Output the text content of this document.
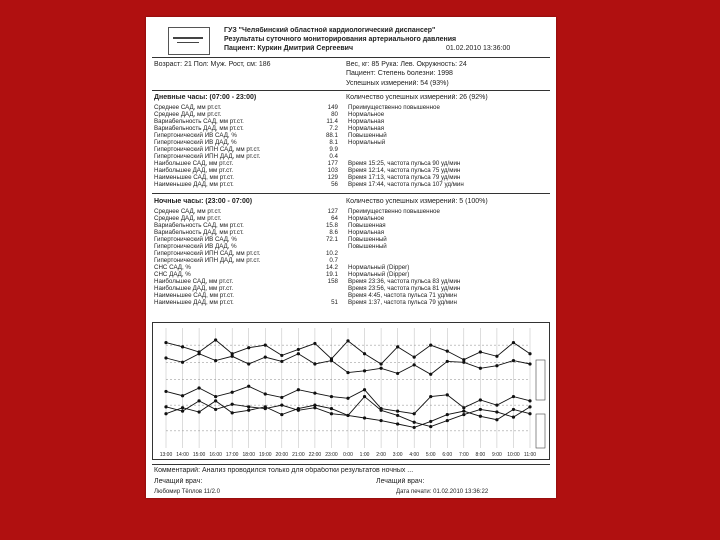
ГУЗ "Челябинский областной кардиологический диспансер"
Результаты суточного мониторирования артериального давления
Пациент: Куркин Дмитрий Сергеевич	01.02.2010 13:36:00
Возраст: 21 Пол: Муж. Рост, см: 186	Вес, кг: 85 Рука: Лев. Окружность: 24
Пациент: Степень болезни: 1998
Успешных измерений: 54 (93%)
Дневные часы: (07:00 - 23:00)	Количество успешных измерений: 26 (92%)
Среднее САД, мм рт.ст.	149 Преимущественно повышенное
Среднее ДАД, мм рт.ст.	80 Нормальное
Вариабельность САД, мм рт.ст.	11.4 Нормальная
Вариабельность ДАД, мм рт.ст.	7.2 Нормальная
Гипертонический ИВ САД, %	88.1 Повышенный
Гипертонический ИВ ДАД, %	8.1 Нормальный
Гипертонический ИПН САД, мм рт.ст.	9.9
Гипертонический ИПН ДАД, мм рт.ст.	0.4
Наибольшее САД, мм рт.ст.	177 Время 15:25, частота пульса 90 уд/мин
Наибольшее ДАД, мм рт.ст.	103 Время 12:14, частота пульса 75 уд/мин
Наименьшее САД, мм рт.ст.	129 Время 17:13, частота пульса 79 уд/мин
Наименьшее ДАД, мм рт.ст.	56 Время 17:44, частота пульса 107 уд/мин
Ночные часы: (23:00 - 07:00)	Количество успешных измерений: 5 (100%)
Среднее САД, мм рт.ст.	127 Преимущественно повышенное
Среднее ДАД, мм рт.ст.	64 Нормальное
Вариабельность САД, мм рт.ст.	15.8 Повышенная
Вариабельность ДАД, мм рт.ст.	8.6 Нормальная
Гипертонический ИВ САД, %	72.1 Повышенный
Гипертонический ИВ ДАД, %	Повышенный
Гипертонический ИПН САД, мм рт.ст.	10.2
Гипертонический ИПН ДАД, мм рт.ст.	0.7
СНС САД, %	14.2 Нормальный (Dipper)
СНС ДАД, %	19.1 Нормальный (Dipper)
Наибольшее САД, мм рт.ст.	158 Время 23:36, частота пульса 83 уд/мин
Наибольшее ДАД, мм рт.ст.	Время 23:56, частота пульса 81 уд/мин
Наименьшее САД, мм рт.ст.	Время 4:45, частота пульса 71 уд/мин
Наименьшее ДАД, мм рт.ст.	51 Время 1:37, частота пульса 79 уд/мин
13:00 14:00 15:00 16:00 17:00 18:00 19:00 20:00 21:00 22:00 23:00 0:00 1:00 2:00 3:00 4:00 5:00 6:00 7:00 8:00 9:00 10:00 11:00
Комментарий: Анализ проводился только для обработки результатов ночных ...
Лечащий врач:	Лечащий врач:
Любомир Тёплов 11/2.0	Дата печати: 01.02.2010 13:36:22
